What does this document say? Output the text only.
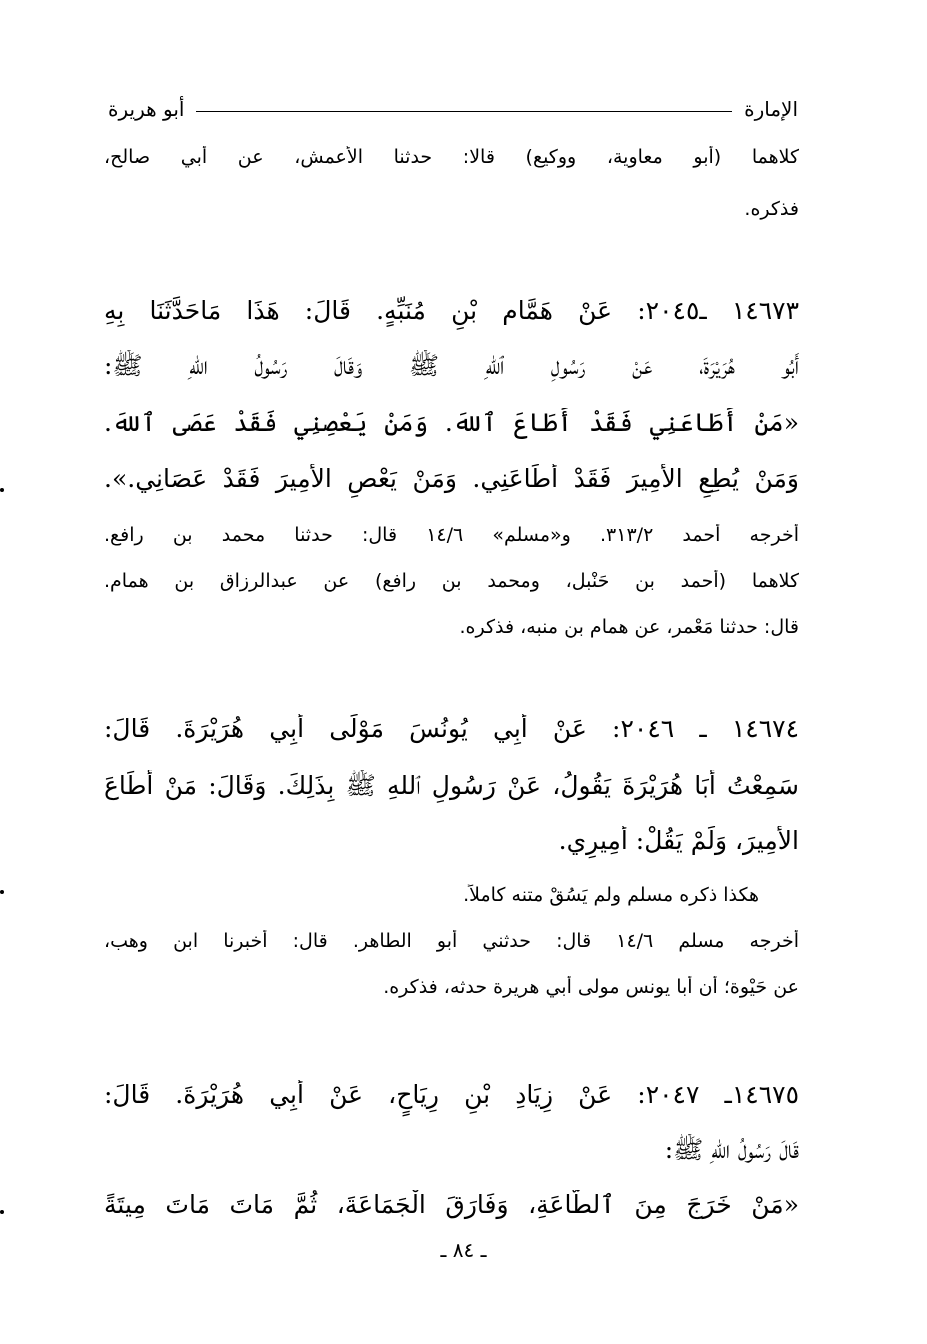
الإمارة
أبو هريرة
كلاهما (أبو معاوية، ووكيع) قالا: حدثنا الأعمش، عن أبي صالح،
فذكره.
١٤٦٧٣ ـ٢٠٤٥: عَنْ هَمَّام بْنِ مُنَبِّهٍ. قَالَ: هَذَا مَاحَدَّثَنَا بِهِ
أَبُو هُرَيْرَةَ، عَنْ رَسُولِ ٱللهِ ﷺ وَقَالَ رَسُولُ اللهِ ﷺ:
«مَنْ أَطَاعَنِي فَقَدْ أَطَاعَ ٱللهَ. وَمَنْ يَعْصِنِي فَقَدْ عَصَى ٱللهَ.
وَمَنْ يُطِعِ الأَمِيرَ فَقَدْ أَطَاعَنِي. وَمَنْ يَعْصِ الأَمِيرَ فَقَدْ عَصَانِي.».
أخرجه أحمد ٣١٣/٢. و«مسلم» ١٤/٦ قال: حدثنا محمد بن رافع.
كلاهما (أحمد بن حَنْبل، ومحمد بن رافع) عن عبدالرزاق بن همام.
قال: حدثنا مَعْمر، عن همام بن منبه، فذكره.
١٤٦٧٤ ـ ٢٠٤٦: عَنْ أَبِي يُونُسَ مَوْلَى أَبِي هُرَيْرَةَ. قَالَ:
سَمِعْتُ أَبَا هُرَيْرَةَ يَقُولُ، عَنْ رَسُولِ ٱللهِ ﷺ بِذَلِكَ. وَقَالَ: مَنْ أَطَاعَ
الأَمِيرَ، وَلَمْ يَقُلْ: أَمِيرِي.
هكذا ذكره مسلم ولم يَسُقْ متنه كاملاً.
أخرجه مسلم ١٤/٦ قال: حدثني أبو الطاهر. قال: أخبرنا ابن وهب،
عن حَيْوة؛ أن أبا يونس مولى أبي هريرة حدثه، فذكره.
١٤٦٧٥ـ ٢٠٤٧: عَنْ زِيَادِ بْنِ رِيَاحٍ، عَنْ أَبِي هُرَيْرَةَ. قَالَ:
قَالَ رَسُولُ اللهِ ﷺ:
«مَنْ خَرَجَ مِنَ ٱلطَّاعَةِ، وَفَارَقَ الْجَمَاعَةَ، ثُمَّ مَاتَ مَاتَ مِيتَةً
ـ ٨٤ ـ
